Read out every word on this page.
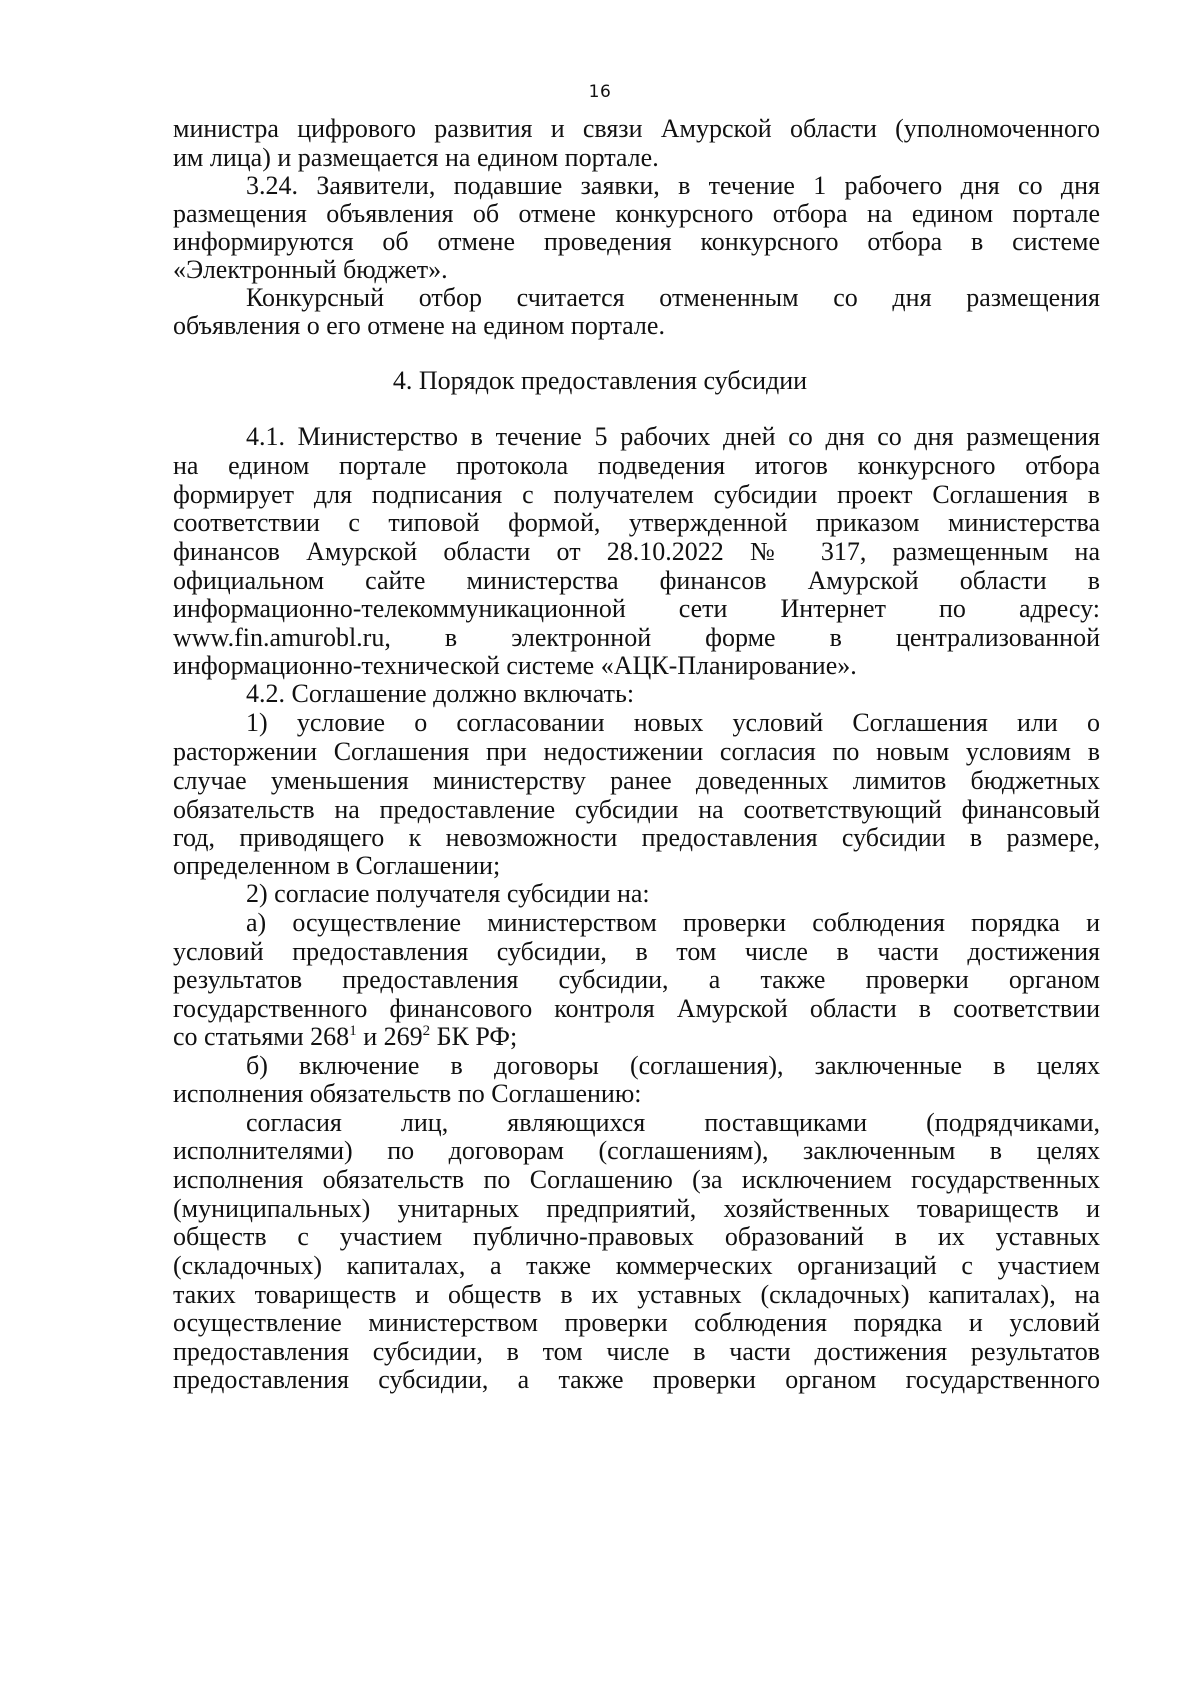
16
министра цифрового развития и связи Амурской области (уполномоченного
им лица) и размещается на едином портале.
3.24. Заявители, подавшие заявки, в течение 1 рабочего дня со дня
размещения объявления об отмене конкурсного отбора на едином портале
информируются об отмене проведения конкурсного отбора в системе
«Электронный бюджет».
Конкурсный отбор считается отмененным со дня размещения
объявления о его отмене на едином портале.
4. Порядок предоставления субсидии
4.1. Министерство в течение 5 рабочих дней со дня со дня размещения
на едином портале протокола подведения итогов конкурсного отбора
формирует для подписания с получателем субсидии проект Соглашения в
соответствии с типовой формой, утвержденной приказом министерства
финансов Амурской области от 28.10.2022 № 317, размещенным на
официальном сайте министерства финансов Амурской области в
информационно-телекоммуникационной сети Интернет по адресу:
www.fin.amurobl.ru, в электронной форме в централизованной
информационно-технической системе «АЦК-Планирование».
4.2. Соглашение должно включать:
1) условие о согласовании новых условий Соглашения или о
расторжении Соглашения при недостижении согласия по новым условиям в
случае уменьшения министерству ранее доведенных лимитов бюджетных
обязательств на предоставление субсидии на соответствующий финансовый
год, приводящего к невозможности предоставления субсидии в размере,
определенном в Соглашении;
2) согласие получателя субсидии на:
а) осуществление министерством проверки соблюдения порядка и
условий предоставления субсидии, в том числе в части достижения
результатов предоставления субсидии, а также проверки органом
государственного финансового контроля Амурской области в соответствии
со статьями $268^1$ и $269^2$ БК РФ;
б) включение в договоры (соглашения), заключенные в целях
исполнения обязательств по Соглашению:
согласия лиц, являющихся поставщиками (подрядчиками,
исполнителями) по договорам (соглашениям), заключенным в целях
исполнения обязательств по Соглашению (за исключением государственных
(муниципальных) унитарных предприятий, хозяйственных товариществ и
обществ с участием публично-правовых образований в их уставных
(складочных) капиталах, а также коммерческих организаций с участием
таких товариществ и обществ в их уставных (складочных) капиталах), на
осуществление министерством проверки соблюдения порядка и условий
предоставления субсидии, в том числе в части достижения результатов
предоставления субсидии, а также проверки органом государственного
